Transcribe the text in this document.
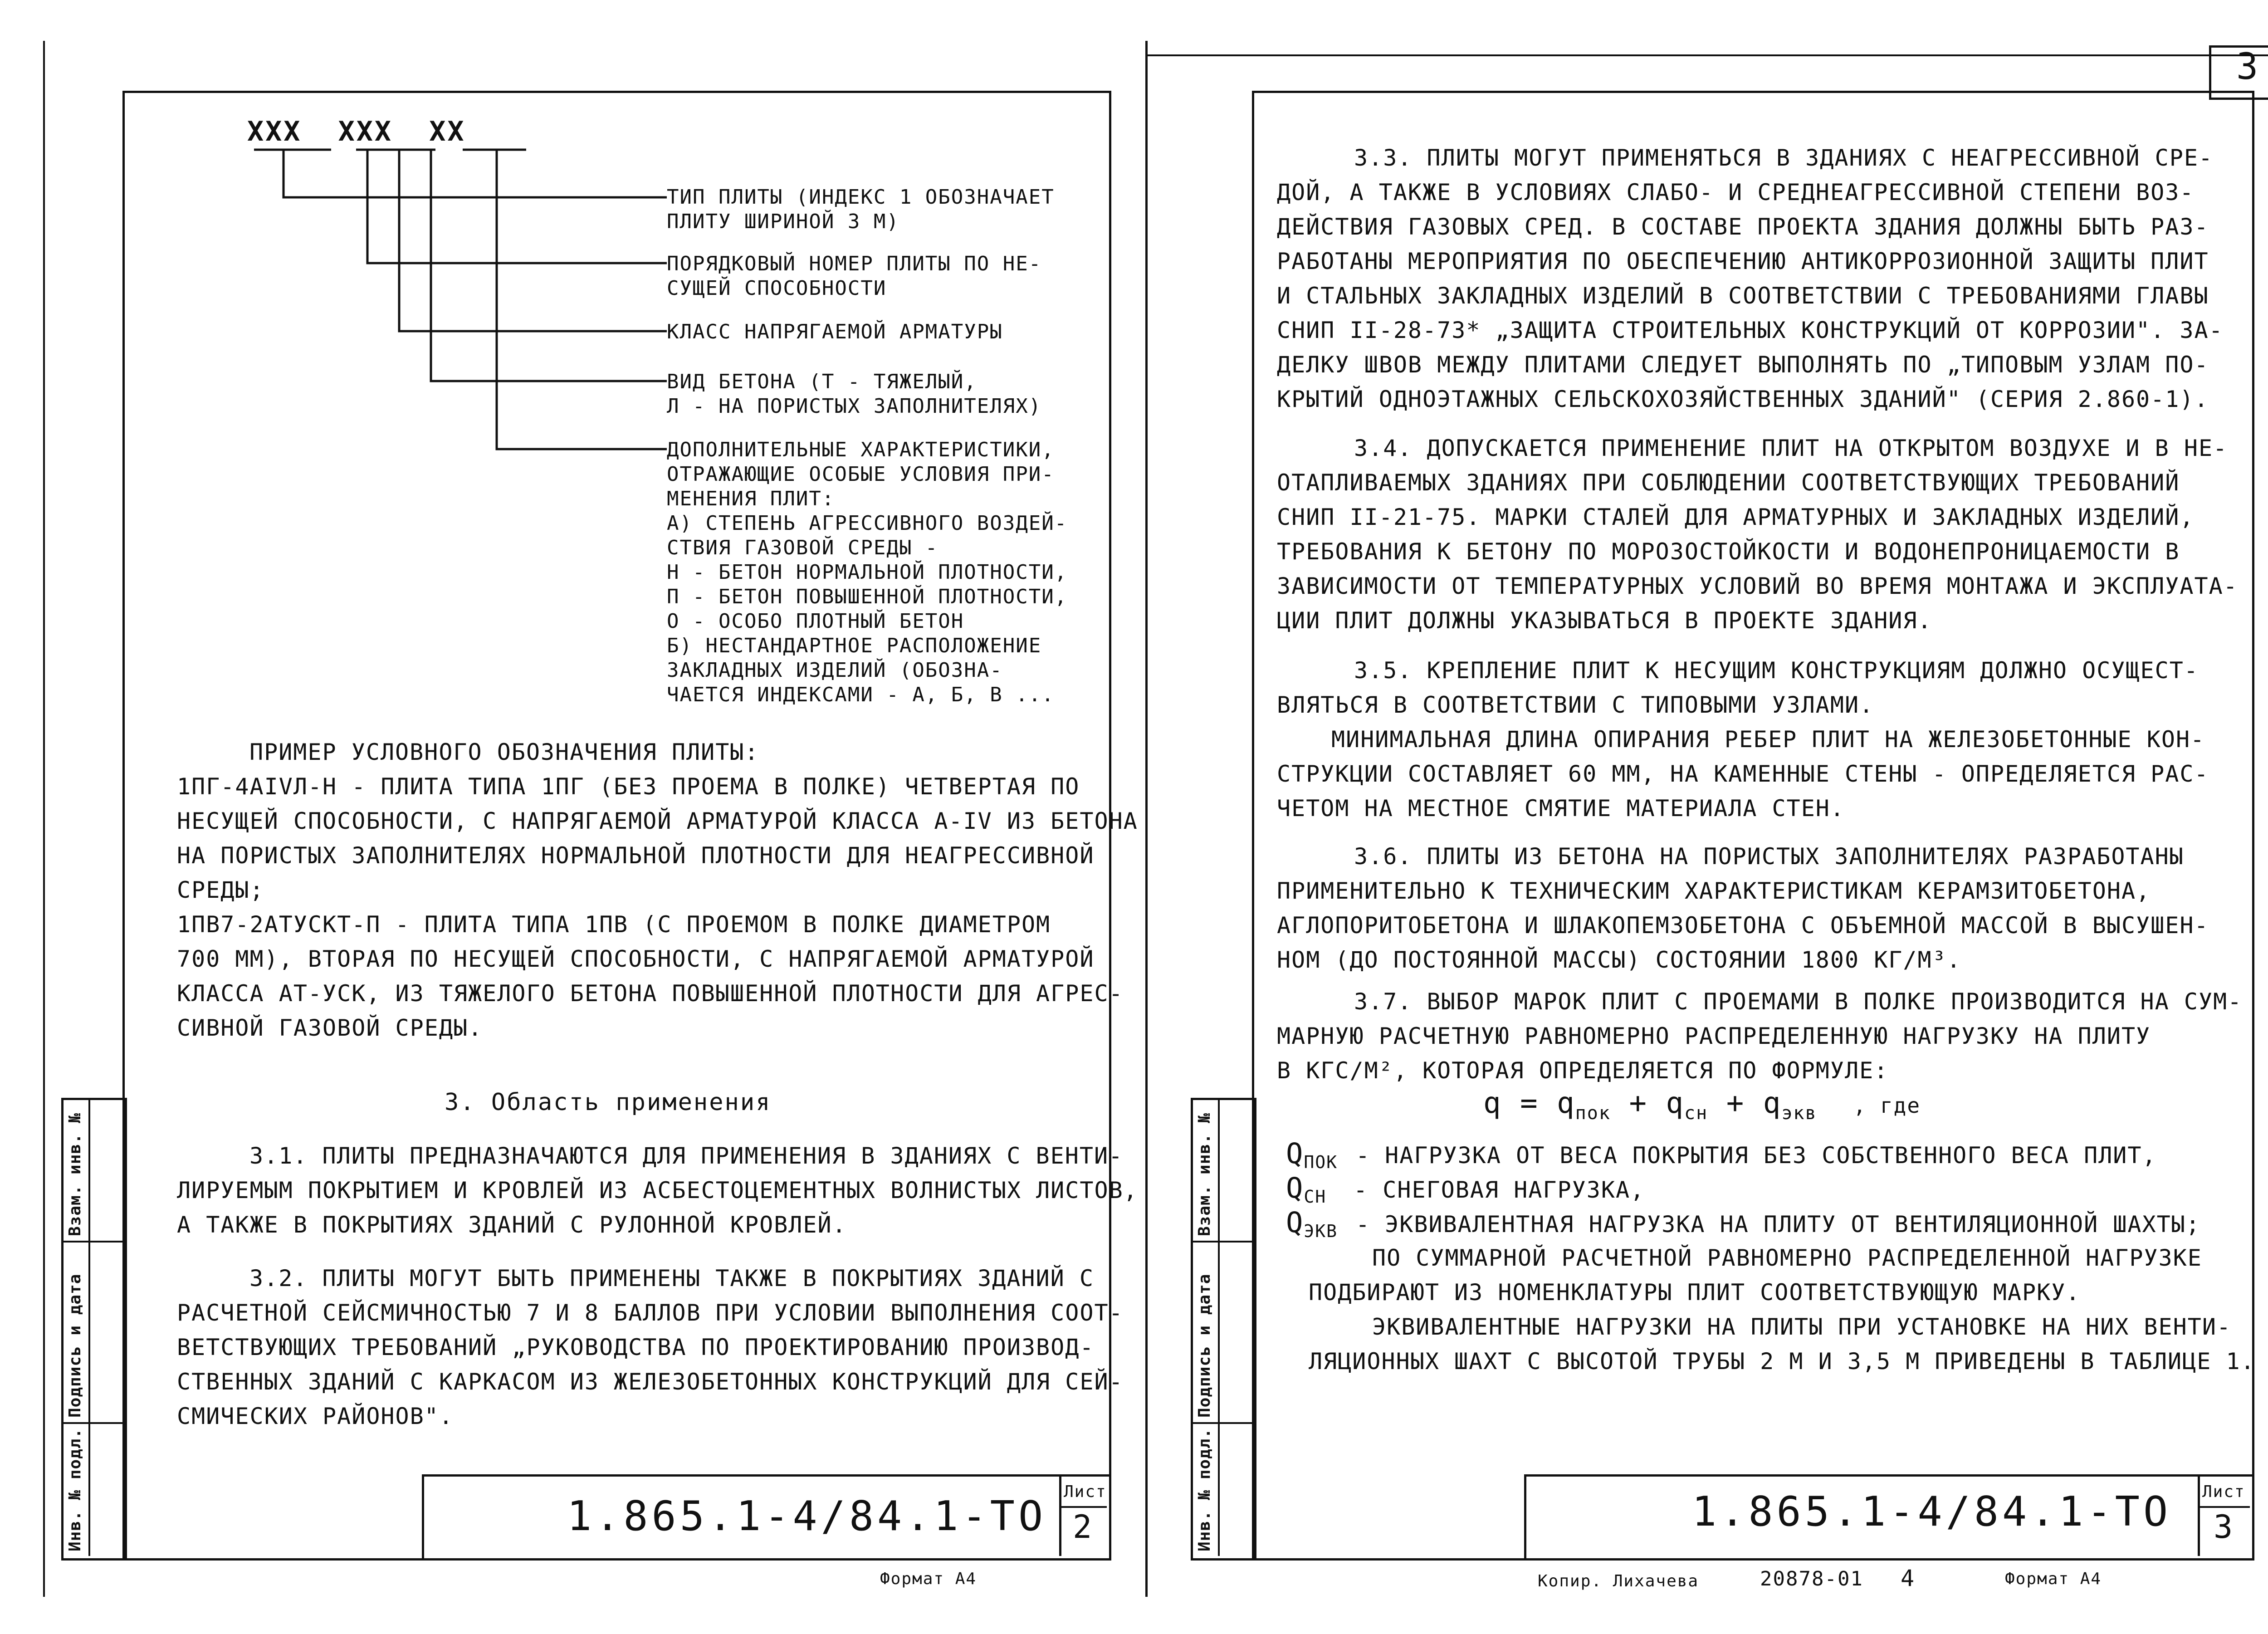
Инв. № подл.
Подпись и дата
Взам. инв. №
XXX  XXX  XX
ТИП ПЛИТЫ (ИНДЕКС 1 ОБОЗНАЧАЕТ
ПЛИТУ ШИРИНОЙ 3 М)
ПОРЯДКОВЫЙ НОМЕР ПЛИТЫ ПО НЕ-
СУЩЕЙ СПОСОБНОСТИ
КЛАСС НАПРЯГАЕМОЙ АРМАТУРЫ
ВИД БЕТОНА (Т - ТЯЖЕЛЫЙ,
Л - НА ПОРИСТЫХ ЗАПОЛНИТЕЛЯХ)
ДОПОЛНИТЕЛЬНЫЕ ХАРАКТЕРИСТИКИ,
ОТРАЖАЮЩИЕ ОСОБЫЕ УСЛОВИЯ ПРИ-
МЕНЕНИЯ ПЛИТ:
А) СТЕПЕНЬ АГРЕССИВНОГО ВОЗДЕЙ-
СТВИЯ ГАЗОВОЙ СРЕДЫ -
Н - БЕТОН НОРМАЛЬНОЙ ПЛОТНОСТИ,
П - БЕТОН ПОВЫШЕННОЙ ПЛОТНОСТИ,
О - ОСОБО ПЛОТНЫЙ БЕТОН
Б) НЕСТАНДАРТНОЕ РАСПОЛОЖЕНИЕ
ЗАКЛАДНЫХ ИЗДЕЛИЙ (ОБОЗНА-
ЧАЕТСЯ ИНДЕКСАМИ - А, Б, В ...
ПРИМЕР УСЛОВНОГО ОБОЗНАЧЕНИЯ ПЛИТЫ:
1ПГ-4АIVЛ-Н - ПЛИТА ТИПА 1ПГ (БЕЗ ПРОЕМА В ПОЛКЕ) ЧЕТВЕРТАЯ ПО
НЕСУЩЕЙ СПОСОБНОСТИ, С НАПРЯГАЕМОЙ АРМАТУРОЙ КЛАССА А-IV ИЗ БЕТОНА
НА ПОРИСТЫХ ЗАПОЛНИТЕЛЯХ НОРМАЛЬНОЙ ПЛОТНОСТИ ДЛЯ НЕАГРЕССИВНОЙ
СРЕДЫ;
1ПВ7-2АТУСКТ-П - ПЛИТА ТИПА 1ПВ (С ПРОЕМОМ В ПОЛКЕ ДИАМЕТРОМ
700 ММ), ВТОРАЯ ПО НЕСУЩЕЙ СПОСОБНОСТИ, С НАПРЯГАЕМОЙ АРМАТУРОЙ
КЛАССА АТ-УСК, ИЗ ТЯЖЕЛОГО БЕТОНА ПОВЫШЕННОЙ ПЛОТНОСТИ ДЛЯ АГРЕС-
СИВНОЙ ГАЗОВОЙ СРЕДЫ.
3. Область применения
3.1. ПЛИТЫ ПРЕДНАЗНАЧАЮТСЯ ДЛЯ ПРИМЕНЕНИЯ В ЗДАНИЯХ С ВЕНТИ-
ЛИРУЕМЫМ ПОКРЫТИЕМ И КРОВЛЕЙ ИЗ АСБЕСТОЦЕМЕНТНЫХ ВОЛНИСТЫХ ЛИСТОВ,
А ТАКЖЕ В ПОКРЫТИЯХ ЗДАНИЙ С РУЛОННОЙ КРОВЛЕЙ.
3.2. ПЛИТЫ МОГУТ БЫТЬ ПРИМЕНЕНЫ ТАКЖЕ В ПОКРЫТИЯХ ЗДАНИЙ С
РАСЧЕТНОЙ СЕЙСМИЧНОСТЬЮ 7 И 8 БАЛЛОВ ПРИ УСЛОВИИ ВЫПОЛНЕНИЯ СООТ-
ВЕТСТВУЮЩИХ ТРЕБОВАНИЙ „РУКОВОДСТВА ПО ПРОЕКТИРОВАНИЮ ПРОИЗВОД-
СТВЕННЫХ ЗДАНИЙ С КАРКАСОМ ИЗ ЖЕЛЕЗОБЕТОННЫХ КОНСТРУКЦИЙ ДЛЯ СЕЙ-
СМИЧЕСКИХ РАЙОНОВ".
1.865.1-4/84.1-ТО
Лист
2
Формат А4
3
Инв. № подл.
Подпись и дата
Взам. инв. №
3.3. ПЛИТЫ МОГУТ ПРИМЕНЯТЬСЯ В ЗДАНИЯХ С НЕАГРЕССИВНОЙ СРЕ-
ДОЙ, А ТАКЖЕ В УСЛОВИЯХ СЛАБО- И СРЕДНЕАГРЕССИВНОЙ СТЕПЕНИ ВОЗ-
ДЕЙСТВИЯ ГАЗОВЫХ СРЕД. В СОСТАВЕ ПРОЕКТА ЗДАНИЯ ДОЛЖНЫ БЫТЬ РАЗ-
РАБОТАНЫ МЕРОПРИЯТИЯ ПО ОБЕСПЕЧЕНИЮ АНТИКОРРОЗИОННОЙ ЗАЩИТЫ ПЛИТ
И СТАЛЬНЫХ ЗАКЛАДНЫХ ИЗДЕЛИЙ В СООТВЕТСТВИИ С ТРЕБОВАНИЯМИ ГЛАВЫ
СНИП II-28-73* „ЗАЩИТА СТРОИТЕЛЬНЫХ КОНСТРУКЦИЙ ОТ КОРРОЗИИ". ЗА-
ДЕЛКУ ШВОВ МЕЖДУ ПЛИТАМИ СЛЕДУЕТ ВЫПОЛНЯТЬ ПО „ТИПОВЫМ УЗЛАМ ПО-
КРЫТИЙ ОДНОЭТАЖНЫХ СЕЛЬСКОХОЗЯЙСТВЕННЫХ ЗДАНИЙ" (СЕРИЯ 2.860-1).
3.4. ДОПУСКАЕТСЯ ПРИМЕНЕНИЕ ПЛИТ НА ОТКРЫТОМ ВОЗДУХЕ И В НЕ-
ОТАПЛИВАЕМЫХ ЗДАНИЯХ ПРИ СОБЛЮДЕНИИ СООТВЕТСТВУЮЩИХ ТРЕБОВАНИЙ
СНИП II-21-75. МАРКИ СТАЛЕЙ ДЛЯ АРМАТУРНЫХ И ЗАКЛАДНЫХ ИЗДЕЛИЙ,
ТРЕБОВАНИЯ К БЕТОНУ ПО МОРОЗОСТОЙКОСТИ И ВОДОНЕПРОНИЦАЕМОСТИ В
ЗАВИСИМОСТИ ОТ ТЕМПЕРАТУРНЫХ УСЛОВИЙ ВО ВРЕМЯ МОНТАЖА И ЭКСПЛУАТА-
ЦИИ ПЛИТ ДОЛЖНЫ УКАЗЫВАТЬСЯ В ПРОЕКТЕ ЗДАНИЯ.
3.5. КРЕПЛЕНИЕ ПЛИТ К НЕСУЩИМ КОНСТРУКЦИЯМ ДОЛЖНО ОСУЩЕСТ-
ВЛЯТЬСЯ В СООТВЕТСТВИИ С ТИПОВЫМИ УЗЛАМИ.
МИНИМАЛЬНАЯ ДЛИНА ОПИРАНИЯ РЕБЕР ПЛИТ НА ЖЕЛЕЗОБЕТОННЫЕ КОН-
СТРУКЦИИ СОСТАВЛЯЕТ 60 ММ, НА КАМЕННЫЕ СТЕНЫ - ОПРЕДЕЛЯЕТСЯ РАС-
ЧЕТОМ НА МЕСТНОЕ СМЯТИЕ МАТЕРИАЛА СТЕН.
3.6. ПЛИТЫ ИЗ БЕТОНА НА ПОРИСТЫХ ЗАПОЛНИТЕЛЯХ РАЗРАБОТАНЫ
ПРИМЕНИТЕЛЬНО К ТЕХНИЧЕСКИМ ХАРАКТЕРИСТИКАМ КЕРАМЗИТОБЕТОНА,
АГЛОПОРИТОБЕТОНА И ШЛАКОПЕМЗОБЕТОНА С ОБЪЕМНОЙ МАССОЙ В ВЫСУШЕН-
НОМ (ДО ПОСТОЯННОЙ МАССЫ) СОСТОЯНИИ 1800 КГ/М³.
3.7. ВЫБОР МАРОК ПЛИТ С ПРОЕМАМИ В ПОЛКЕ ПРОИЗВОДИТСЯ НА СУМ-
МАРНУЮ РАСЧЕТНУЮ РАВНОМЕРНО РАСПРЕДЕЛЕННУЮ НАГРУЗКУ НА ПЛИТУ
В КГС/М², КОТОРАЯ ОПРЕДЕЛЯЕТСЯ ПО ФОРМУЛЕ:
$q = q_{пок} + q_{сн} + q_{экв}$ , где
$Q_{ПОК}$ - НАГРУЗКА ОТ ВЕСА ПОКРЫТИЯ БЕЗ СОБСТВЕННОГО ВЕСА ПЛИТ,
$Q_{СН}$ - СНЕГОВАЯ НАГРУЗКА,
$Q_{ЭКВ}$ - ЭКВИВАЛЕНТНАЯ НАГРУЗКА НА ПЛИТУ ОТ ВЕНТИЛЯЦИОННОЙ ШАХТЫ;
ПО СУММАРНОЙ РАСЧЕТНОЙ РАВНОМЕРНО РАСПРЕДЕЛЕННОЙ НАГРУЗКЕ
ПОДБИРАЮТ ИЗ НОМЕНКЛАТУРЫ ПЛИТ СООТВЕТСТВУЮЩУЮ МАРКУ.
ЭКВИВАЛЕНТНЫЕ НАГРУЗКИ НА ПЛИТЫ ПРИ УСТАНОВКЕ НА НИХ ВЕНТИ-
ЛЯЦИОННЫХ ШАХТ С ВЫСОТОЙ ТРУБЫ 2 М И 3,5 М ПРИВЕДЕНЫ В ТАБЛИЦЕ 1.
1.865.1-4/84.1-ТО Лист
3
Копир. Лихачева	20878-01 4	Формат А4
